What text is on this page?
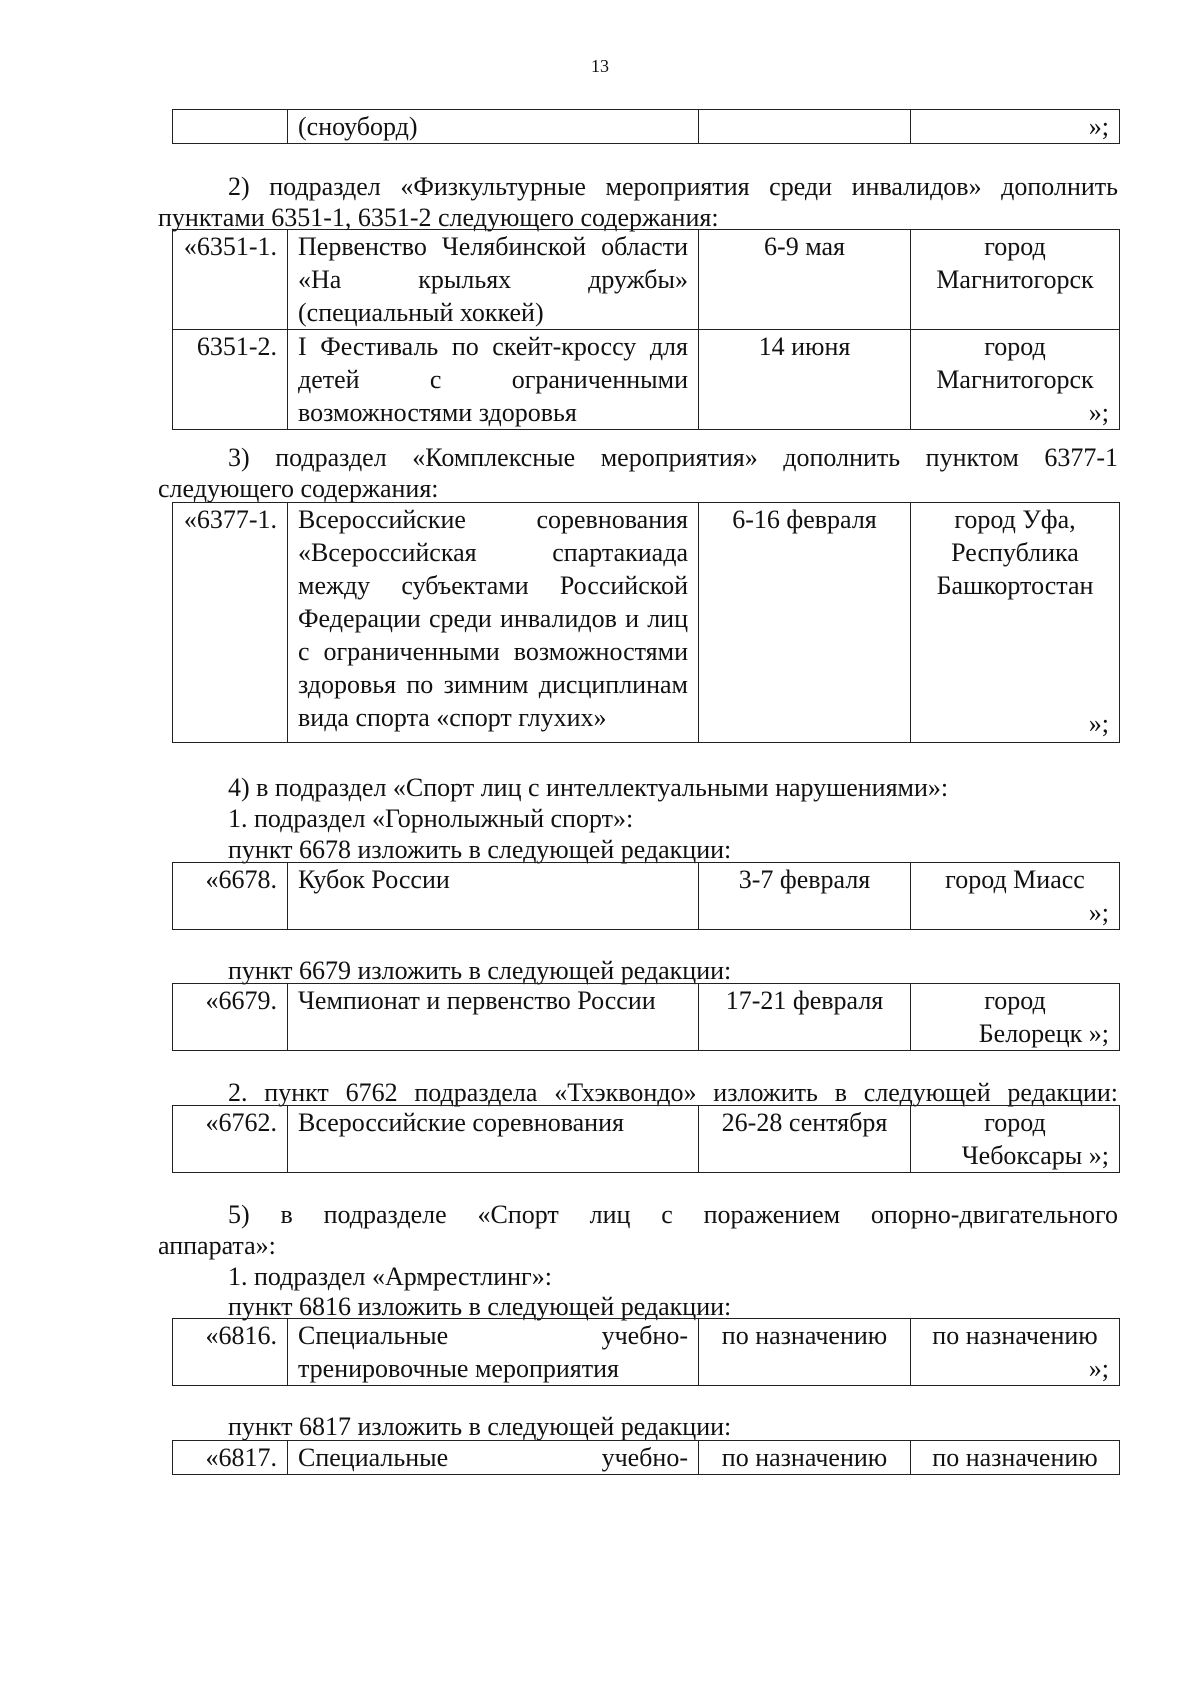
13
	(сноуборд)		»;

2) подраздел «Физкультурные мероприятия среди инвалидов» дополнить

пунктами 6351-1, 6351-2 следующего содержания:

«6351-1.	Первенство Челябинской области «На крыльях дружбы» (специальный хоккей)	6-9 мая	город Магнитогорск
6351-2.	I Фестиваль по скейт-кроссу для детей с ограниченными возможностями здоровья	14 июня	город Магнитогорск
»;

3) подраздел «Комплексные мероприятия» дополнить пунктом 6377-1

следующего содержания:

«6377-1.	Всероссийские соревнования «Всероссийская спартакиада между субъектами Российской Федерации среди инвалидов и лиц с ограниченными возможностями здоровья по зимним дисциплинам вида спорта «спорт глухих»	6-16 февраля	город Уфа, Республика Башкортостан
»;

4) в подраздел «Спорт лиц с интеллектуальными нарушениями»:

1. подраздел «Горнолыжный спорт»:

пункт 6678 изложить в следующей редакции:

«6678.	Кубок России	3-7 февраля	город Миасс
»;

пункт 6679 изложить в следующей редакции:

«6679.	Чемпионат и первенство России	17-21 февраля	город
Белорецк »;

2. пункт 6762 подраздела «Тхэквондо» изложить в следующей редакции:

«6762.	Всероссийские соревнования	26-28 сентября	город
Чебоксары »;

5) в подразделе «Спорт лиц с поражением опорно-двигательного

аппарата»:

1. подраздел «Армрестлинг»:

пункт 6816 изложить в следующей редакции:

«6816.	Специальные учебно-тренировочные мероприятия	по назначению	по назначению
»;

пункт 6817 изложить в следующей редакции:

«6817.	Специальные учебно-	по назначению	по назначению
